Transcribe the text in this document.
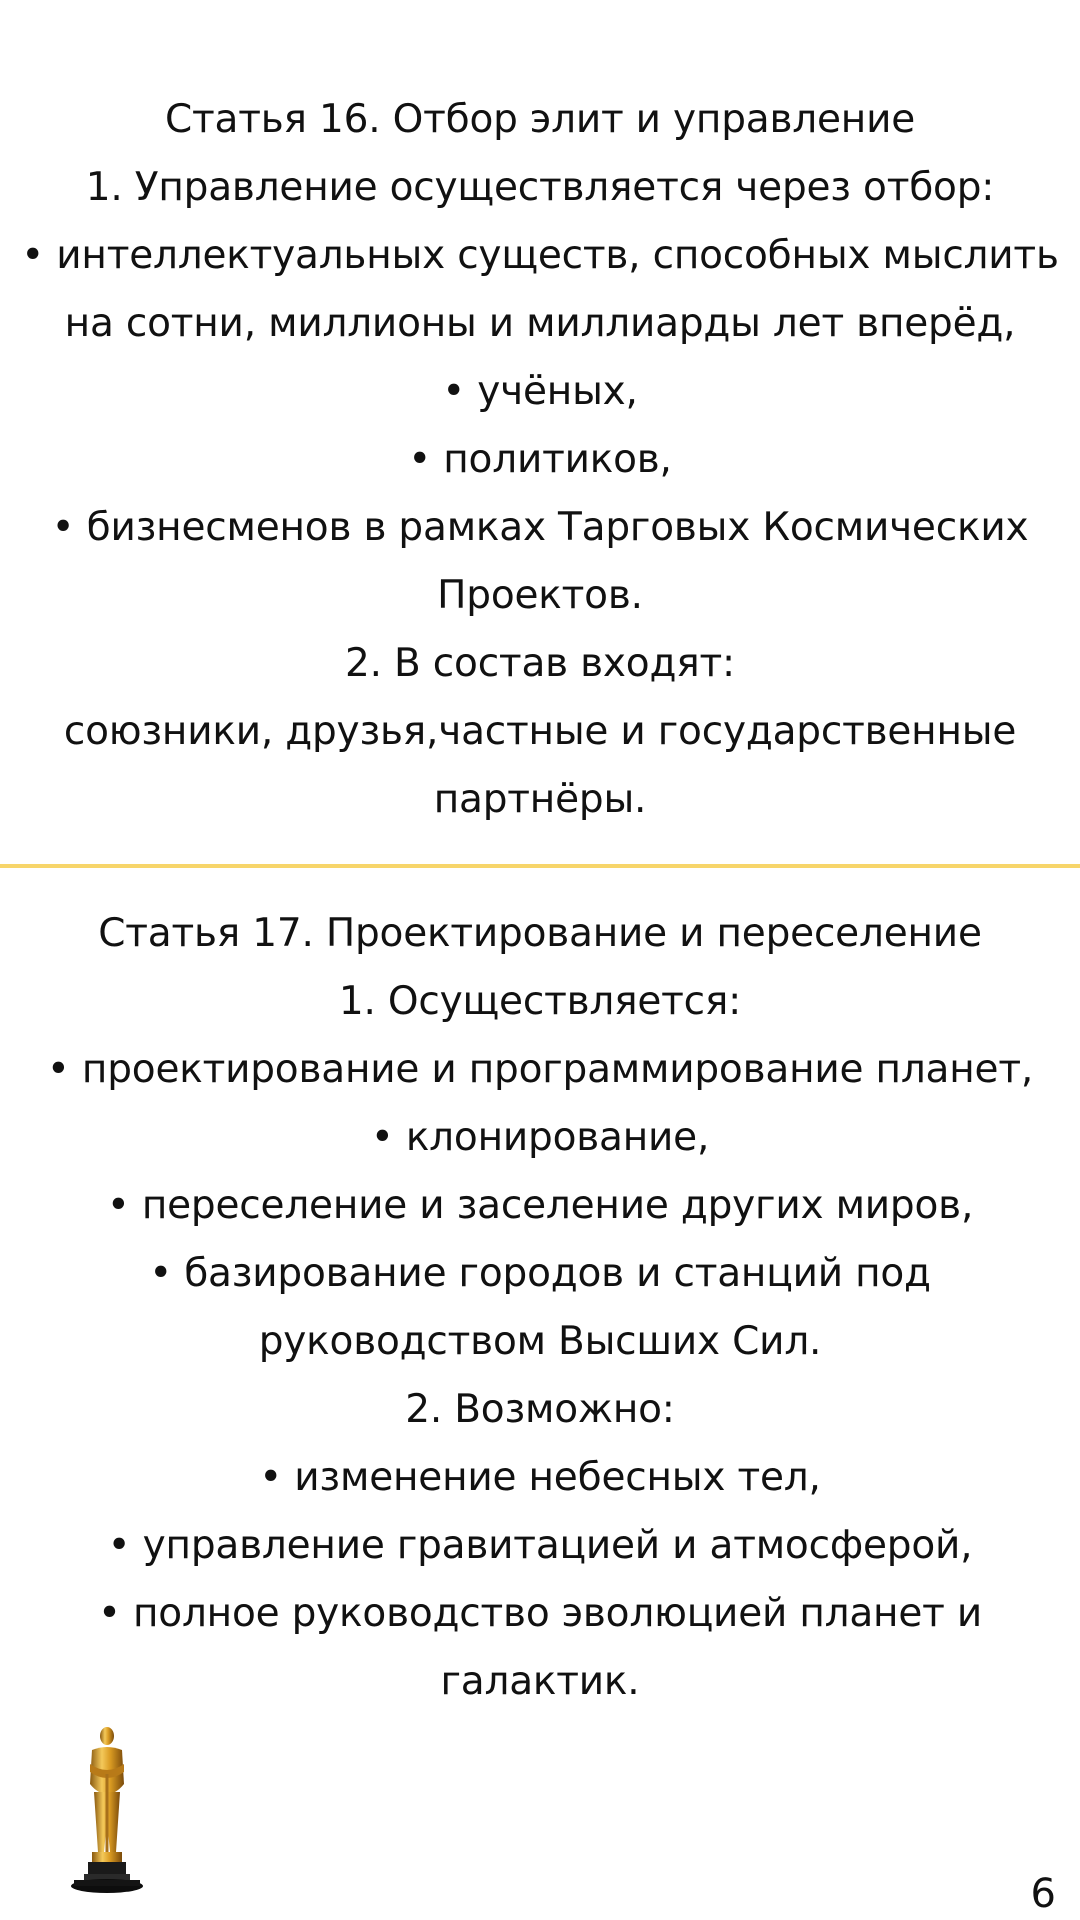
Статья 16. Отбор элит и управление
1. Управление осуществляется через отбор:
• интеллектуальных существ, способных мыслить
на сотни, миллионы и миллиарды лет вперёд,
• учёных,
• политиков,
• бизнесменов в рамках Тарговых Космических
Проектов.
2. В состав входят:
союзники, друзья,частные и государственные
партнёры.
Статья 17. Проектирование и переселение
1. Осуществляется:
• проектирование и программирование планет,
• клонирование,
• переселение и заселение других миров,
• базирование городов и станций под
руководством Высших Сил.
2. Возможно:
• изменение небесных тел,
• управление гравитацией и атмосферой,
• полное руководство эволюцией планет и
галактик.
6
